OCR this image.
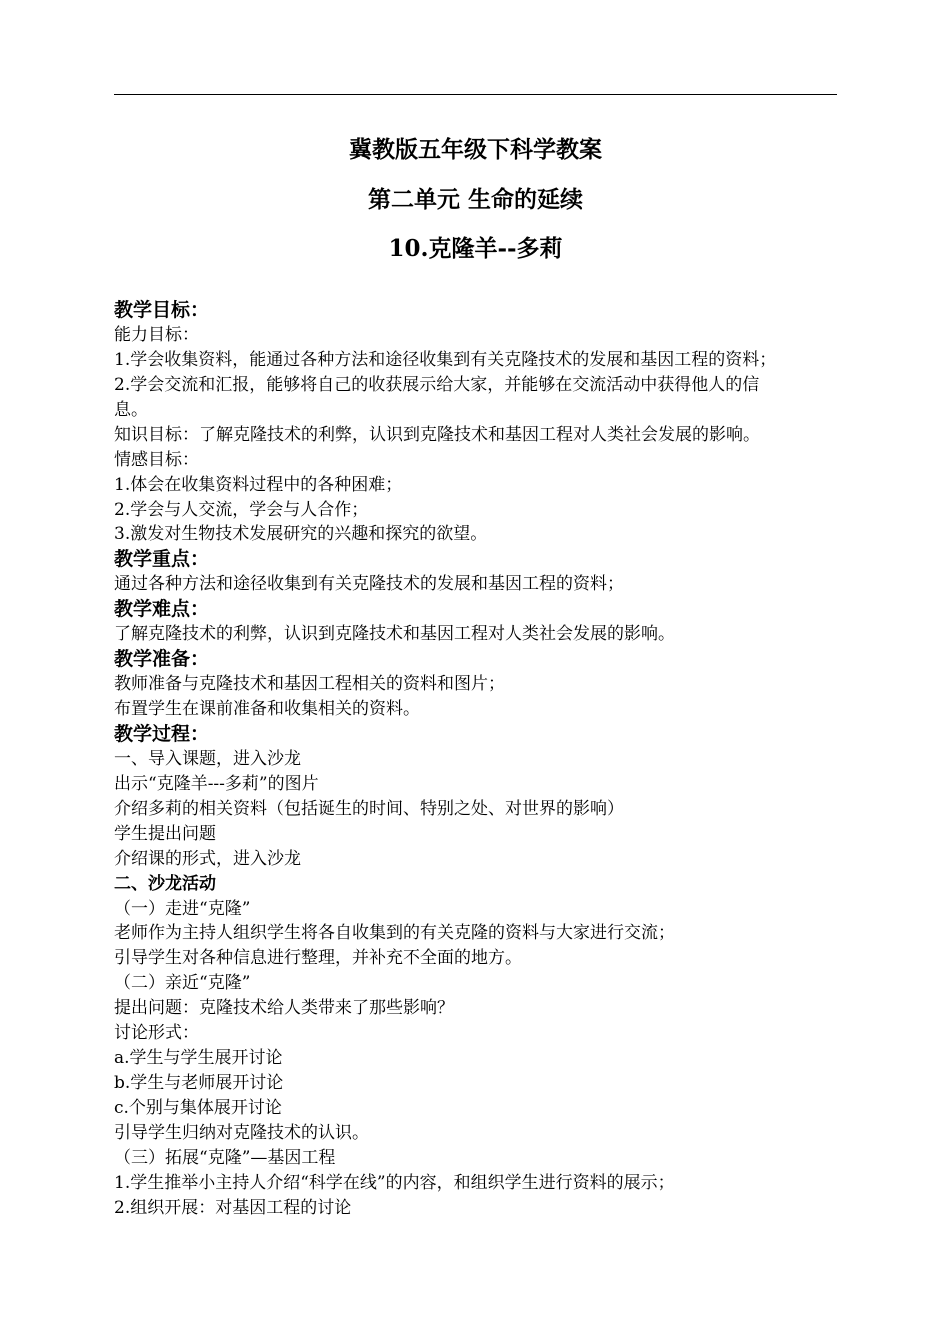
冀教版五年级下科学教案
第二单元 生命的延续
10.克隆羊--多莉
教学目标：
能力目标：
1.学会收集资料，能通过各种方法和途径收集到有关克隆技术的发展和基因工程的资料；
2.学会交流和汇报，能够将自己的收获展示给大家，并能够在交流活动中获得他人的信
息。
知识目标：了解克隆技术的利弊，认识到克隆技术和基因工程对人类社会发展的影响。
情感目标：
1.体会在收集资料过程中的各种困难；
2.学会与人交流，学会与人合作；
3.激发对生物技术发展研究的兴趣和探究的欲望。
教学重点：
通过各种方法和途径收集到有关克隆技术的发展和基因工程的资料；
教学难点：
了解克隆技术的利弊，认识到克隆技术和基因工程对人类社会发展的影响。
教学准备：
教师准备与克隆技术和基因工程相关的资料和图片；
布置学生在课前准备和收集相关的资料。
教学过程：
一、导入课题，进入沙龙
出示“克隆羊---多莉”的图片
介绍多莉的相关资料（包括诞生的时间、特别之处、对世界的影响）
学生提出问题
介绍课的形式，进入沙龙
二、沙龙活动
（一）走进“克隆”
老师作为主持人组织学生将各自收集到的有关克隆的资料与大家进行交流；
引导学生对各种信息进行整理，并补充不全面的地方。
（二）亲近“克隆”
提出问题：克隆技术给人类带来了那些影响？
讨论形式：
a.学生与学生展开讨论
b.学生与老师展开讨论
c.个别与集体展开讨论
引导学生归纳对克隆技术的认识。
（三）拓展“克隆”—基因工程
1.学生推举小主持人介绍“科学在线”的内容，和组织学生进行资料的展示；
2.组织开展：对基因工程的讨论
